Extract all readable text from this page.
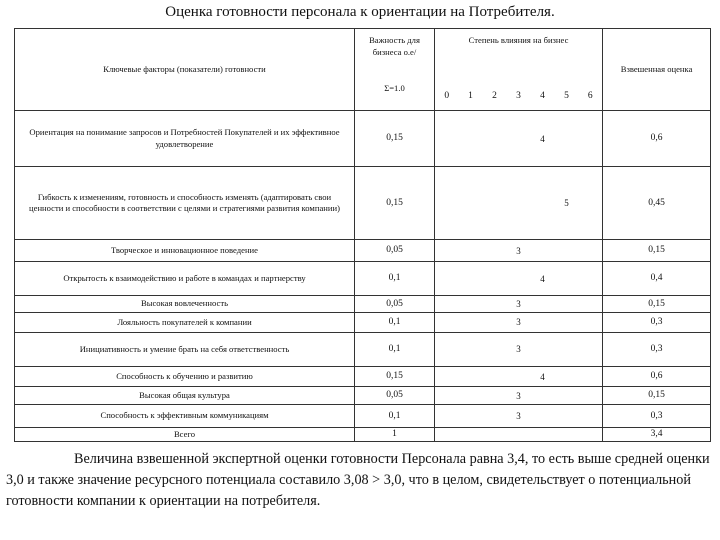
Оценка готовности персонала к ориентации на Потребителя.
Ключевые факторы (показатели) готовности	Важность для бизнеса о.е/	Степень влияния на бизнес							Взвешенная оценка
	Σ=1.0	0	1	2	3	4	5	6	
Ориентация на понимание запросов и Потребностей Покупателей и их эффективное удовлетворение	0,15					4			0,6
Гибкость к изменениям, готовность и способность изменять (адаптировать свои ценности и способности в соответствии с целями и стратегиями развития компании)	0,15						5		0,45
Творческое и инновационное поведение	0,05				3				0,15
Открытость к взаимодействию и работе в командах и партнерству	0,1					4			0,4
Высокая вовлеченность	0,05				3				0,15
Лояльность покупателей к компании	0,1				3				0,3
Инициативность и умение брать на себя ответственность	0,1				3				0,3
Способность к обучению и развитию	0,15					4			0,6
Высокая общая культура	0,05				3				0,15
Способность к эффективным коммуникациям	0,1				3				0,3
Всего	1								3,4
Величина взвешенной экспертной оценки готовности Персонала равна 3,4, то есть выше средней оценки 3,0 и также значение ресурсного потенциала составило 3,08 > 3,0, что в целом, свидетельствует о потенциальной готовности компании к ориентации на потребителя.
